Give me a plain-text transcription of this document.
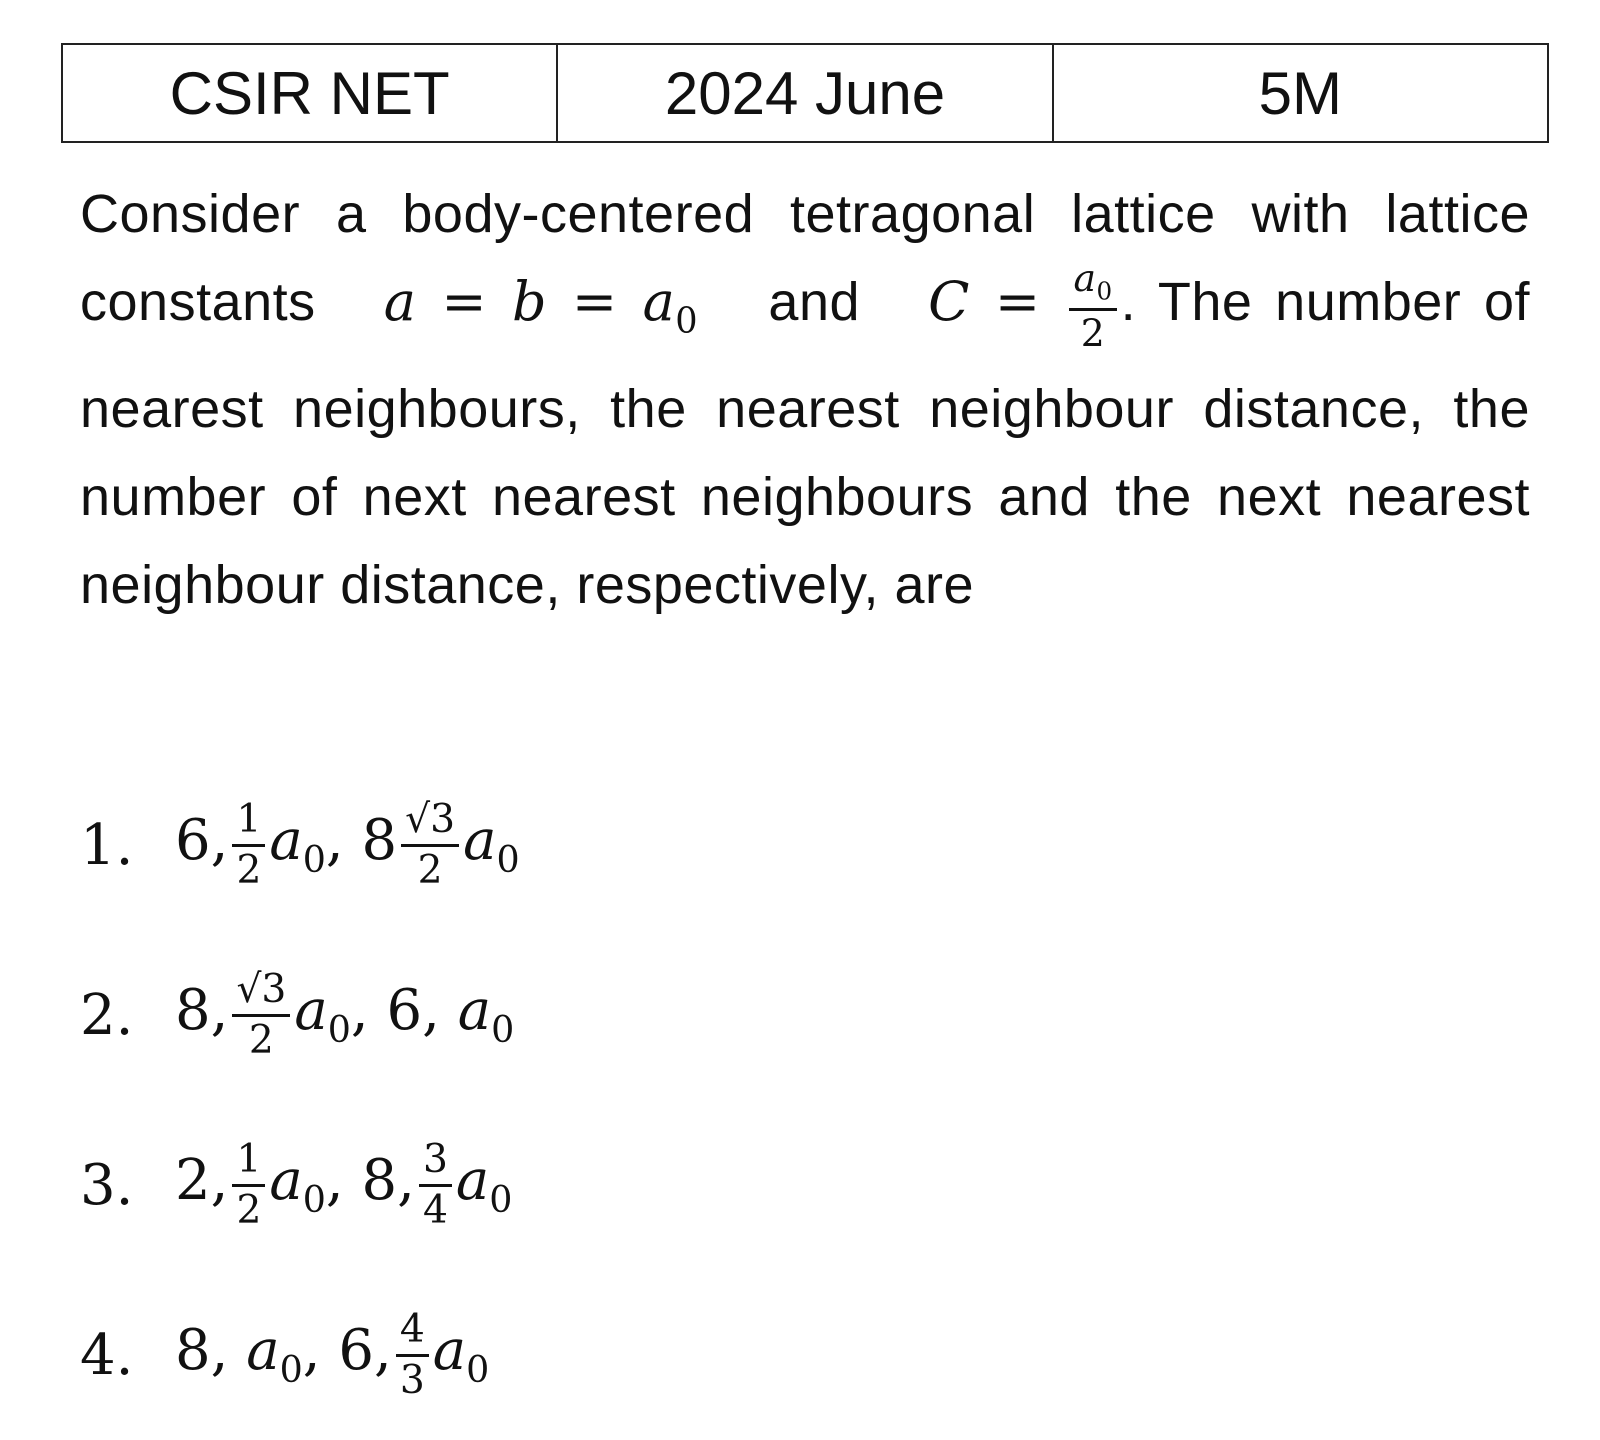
CSIR NET	2024 June	5M
Consider a body-centered tetragonal lattice with lattice constants $a = b = a_0$ and $C = \frac{a_0}{2}$ . The number of nearest neighbours, the nearest neighbour distance, the number of next nearest neighbours and the next nearest neighbour distance, respectively, are
1. 6, $\frac{1}{2} a_0$, $8 \frac{√3}{2} a_0$
2. 8, $\frac{√3}{2} a_0$, 6, $a_0$
3. 2, $\frac{1}{2} a_0$, 8, $\frac{3}{4} a_0$
4. 8, $a_0$, 6, $\frac{4}{3} a_0$
